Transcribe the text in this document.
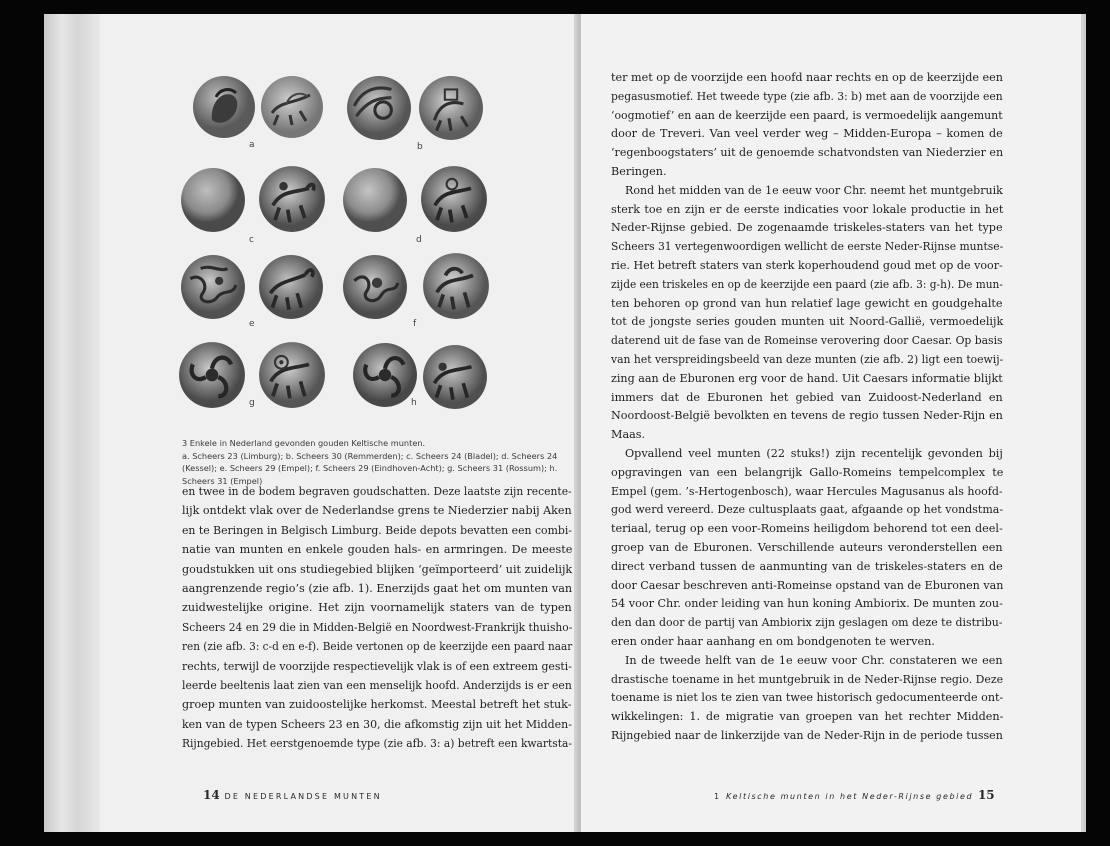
a	b
c	d
e	f
g	h
3 Enkele in Nederland gevonden gouden Keltische munten.
a. Scheers 23 (Limburg); b. Scheers 30 (Remmerden); c. Scheers 24 (Bladel); d. Scheers 24
(Kessel); e. Scheers 29 (Empel); f. Scheers 29 (Eindhoven-Acht); g. Scheers 31 (Rossum); h.
Scheers 31 (Empel)
en twee in de bodem begraven goudschatten. Deze laatste zijn recente-
lijk ontdekt vlak over de Nederlandse grens te Niederzier nabij Aken
en te Beringen in Belgisch Limburg. Beide depots bevatten een combi-
natie van munten en enkele gouden hals- en armringen. De meeste
goudstukken uit ons studiegebied blijken ‘geïmporteerd’ uit zuidelijk
aangrenzende regio’s (zie afb. 1). Enerzijds gaat het om munten van
zuidwestelijke origine. Het zijn voornamelijk staters van de typen
Scheers 24 en 29 die in Midden-België en Noordwest-Frankrijk thuisho-
ren (zie afb. 3: c-d en e-f). Beide vertonen op de keerzijde een paard naar
rechts, terwijl de voorzijde respectievelijk vlak is of een extreem gesti-
leerde beeltenis laat zien van een menselijk hoofd. Anderzijds is er een
groep munten van zuidoostelijke herkomst. Meestal betreft het stuk-
ken van de typen Scheers 23 en 30, die afkomstig zijn uit het Midden-
Rijngebied. Het eerstgenoemde type (zie afb. 3: a) betreft een kwartsta-
ter met op de voorzijde een hoofd naar rechts en op de keerzijde een
pegasusmotief. Het tweede type (zie afb. 3: b) met aan de voorzijde een
‘oogmotief’ en aan de keerzijde een paard, is vermoedelijk aangemunt
door de Treveri. Van veel verder weg – Midden-Europa – komen de
‘regenboogstaters’ uit de genoemde schatvondsten van Niederzier en
Beringen.
Rond het midden van de 1e eeuw voor Chr. neemt het muntgebruik
sterk toe en zijn er de eerste indicaties voor lokale productie in het
Neder-Rijnse gebied. De zogenaamde triskeles-staters van het type
Scheers 31 vertegenwoordigen wellicht de eerste Neder-Rijnse muntse-
rie. Het betreft staters van sterk koperhoudend goud met op de voor-
zijde een triskeles en op de keerzijde een paard (zie afb. 3: g-h). De mun-
ten behoren op grond van hun relatief lage gewicht en goudgehalte
tot de jongste series gouden munten uit Noord-Gallië, vermoedelijk
daterend uit de fase van de Romeinse verovering door Caesar. Op basis
van het verspreidingsbeeld van deze munten (zie afb. 2) ligt een toewij-
zing aan de Eburonen erg voor de hand. Uit Caesars informatie blijkt
immers dat de Eburonen het gebied van Zuidoost-Nederland en
Noordoost-België bevolkten en tevens de regio tussen Neder-Rijn en
Maas.
Opvallend veel munten (22 stuks!) zijn recentelijk gevonden bij
opgravingen van een belangrijk Gallo-Romeins tempelcomplex te
Empel (gem. ’s-Hertogenbosch), waar Hercules Magusanus als hoofd-
god werd vereerd. Deze cultusplaats gaat, afgaande op het vondstma-
teriaal, terug op een voor-Romeins heiligdom behorend tot een deel-
groep van de Eburonen. Verschillende auteurs veronderstellen een
direct verband tussen de aanmunting van de triskeles-staters en de
door Caesar beschreven anti-Romeinse opstand van de Eburonen van
54 voor Chr. onder leiding van hun koning Ambiorix. De munten zou-
den dan door de partij van Ambiorix zijn geslagen om deze te distribu-
eren onder haar aanhang en om bondgenoten te werven.
In de tweede helft van de 1e eeuw voor Chr. constateren we een
drastische toename in het muntgebruik in de Neder-Rijnse regio. Deze
toename is niet los te zien van twee historisch gedocumenteerde ont-
wikkelingen: 1. de migratie van groepen van het rechter Midden-
Rijngebied naar de linkerzijde van de Neder-Rijn in de periode tussen
14 DE NEDERLANDSE MUNTEN	1 Keltische munten in het Neder-Rijnse gebied 15
